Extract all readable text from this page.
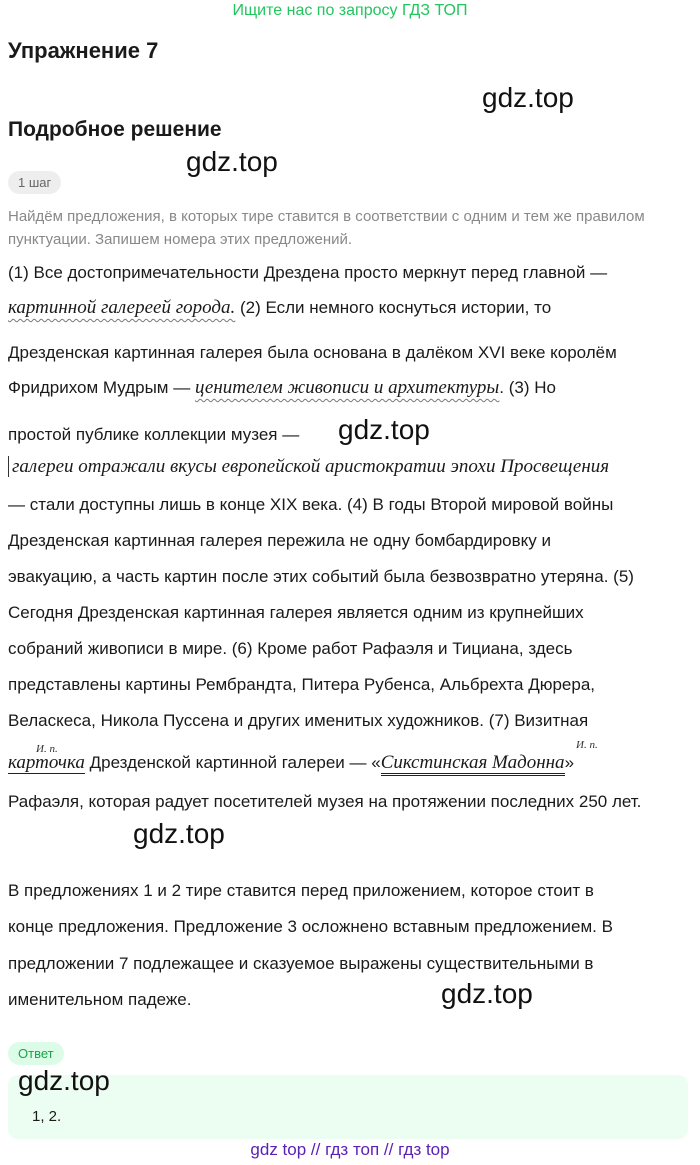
Ищите нас по запросу ГДЗ ТОП
Упражнение 7
gdz.top
Подробное решение
gdz.top
1 шаг
Найдём предложения, в которых тире ставится в соответствии с одним и тем же правилом пунктуации. Запишем номера этих предложений.
(1) Все достопримечательности Дрездена просто меркнут перед главной —
картинной галереей города. (2) Если немного коснуться истории, то
Дрезденская картинная галерея была основана в далёком XVI веке королём
Фридрихом Мудрым — ценителем живописи и архитектуры. (3) Но
простой публике коллекции музея — gdz.top
галереи отражали вкусы европейской аристократии эпохи Просвещения
— стали доступны лишь в конце XIX века. (4) В годы Второй мировой войны
Дрезденская картинная галерея пережила не одну бомбардировку и
эвакуацию, а часть картин после этих событий была безвозвратно утеряна. (5)
Сегодня Дрезденская картинная галерея является одним из крупнейших
собраний живописи в мире. (6) Кроме работ Рафаэля и Тициана, здесь
представлены картины Рембрандта, Питера Рубенса, Альбрехта Дюрера,
Веласкеса, Никола Пуссена и других именитых художников. (7) Визитная
И. п.	И. п.
карточка Дрезденской картинной галереи — «Сикстинская Мадонна»
Рафаэля, которая радует посетителей музея на протяжении последних 250 лет.
gdz.top
В предложениях 1 и 2 тире ставится перед приложением, которое стоит в
конце предложения. Предложение 3 осложнено вставным предложением. В
предложении 7 подлежащее и сказуемое выражены существительными в
именительном падеже.	gdz.top
Ответ
gdz.top
1, 2.
gdz top // гдз топ // гдз top
